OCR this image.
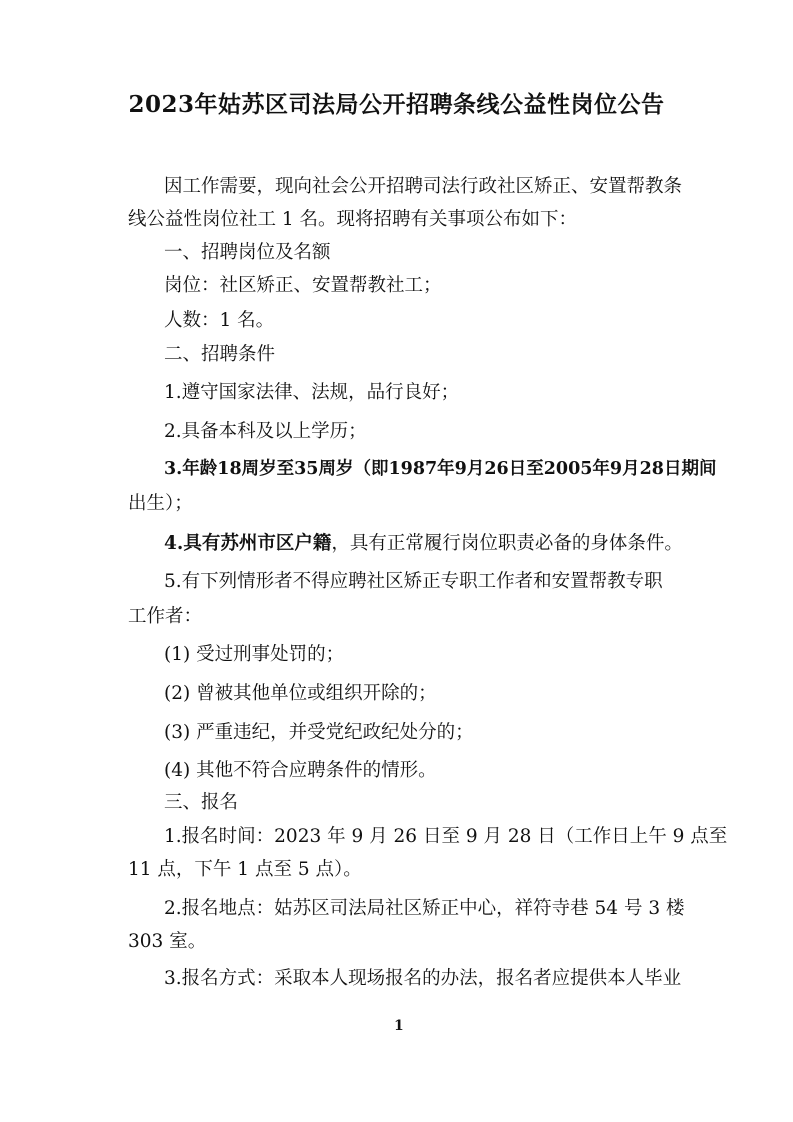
2023年姑苏区司法局公开招聘条线公益性岗位公告
因工作需要，现向社会公开招聘司法行政社区矫正、安置帮教条
线公益性岗位社工 1 名。现将招聘有关事项公布如下：
一、招聘岗位及名额
岗位：社区矫正、安置帮教社工；
人数：1 名。
二、招聘条件
1.遵守国家法律、法规，品行良好；
2.具备本科及以上学历；
3.年龄18周岁至35周岁（即1987年9月26日至2005年9月28日期间
出生）；
4.具有苏州市区户籍，具有正常履行岗位职责必备的身体条件。
5.有下列情形者不得应聘社区矫正专职工作者和安置帮教专职
工作者：
(1) 受过刑事处罚的；
(2) 曾被其他单位或组织开除的；
(3) 严重违纪，并受党纪政纪处分的；
(4) 其他不符合应聘条件的情形。
三、报名
1.报名时间：2023 年 9 月 26 日至 9 月 28 日（工作日上午 9 点至
11 点，下午 1 点至 5 点）。
2.报名地点：姑苏区司法局社区矫正中心，祥符寺巷 54 号 3 楼
303 室。
3.报名方式：采取本人现场报名的办法，报名者应提供本人毕业
1
